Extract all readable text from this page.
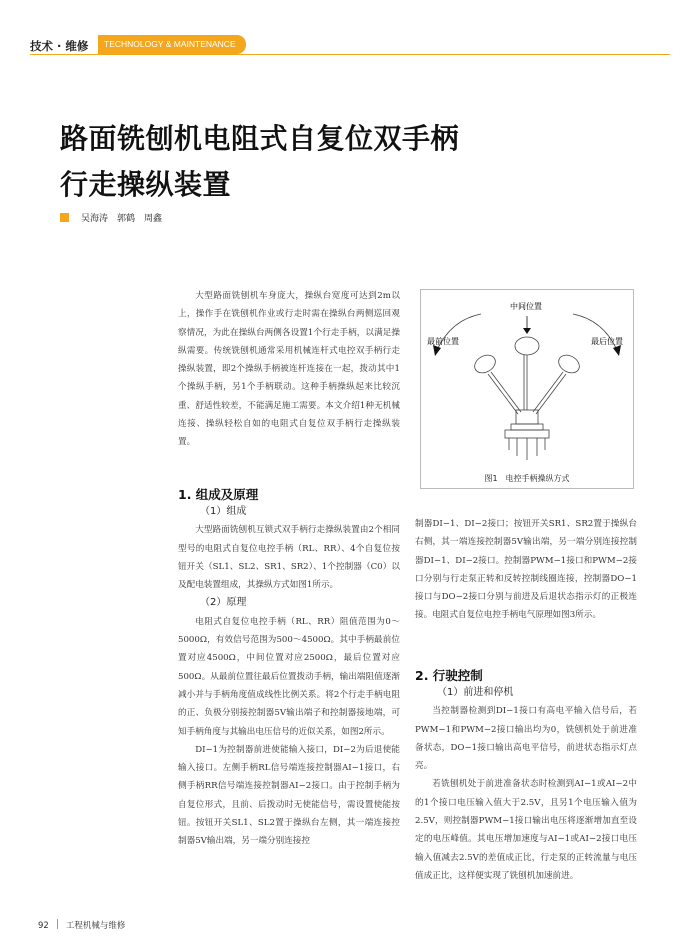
技术 · 维修	TECHNOLOGY & MAINTENANCE
路面铣刨机电阻式自复位双手柄
行走操纵装置
吴海涛　郭鹤　周鑫

大型路面铣刨机车身庞大，操纵台宽度可达到2m以上，操作手在铣刨机作业或行走时需在操纵台两侧巡回观察情况，为此在操纵台两侧各设置1个行走手柄，以满足操纵需要。传统铣刨机通常采用机械连杆式电控双手柄行走操纵装置，即2个操纵手柄被连杆连接在一起，拨动其中1个操纵手柄，另1个手柄联动。这种手柄操纵起来比较沉重、舒适性较差，不能满足施工需要。本文介绍1种无机械连接、操纵轻松自如的电阻式自复位双手柄行走操纵装置。

1. 组成及原理
（1）组成

大型路面铣刨机互锁式双手柄行走操纵装置由2个相同型号的电阻式自复位电控手柄（RL、RR）、4个自复位按钮开关（SL1、SL2、SR1、SR2）、1个控制器（C0）以及配电装置组成，其操纵方式如图1所示。

（2）原理

电阻式自复位电控手柄（RL、RR）阻值范围为0～5000Ω，有效信号范围为500～4500Ω。其中手柄最前位置对应4500Ω，中间位置对应2500Ω，最后位置对应500Ω。从最前位置往最后位置拨动手柄，输出端阻值逐渐减小并与手柄角度值成线性比例关系。将2个行走手柄电阻的正、负极分别接控制器5V输出端子和控制器接地端，可知手柄角度与其输出电压信号的近似关系，如图2所示。

DI−1为控制器前进使能输入接口，DI−2为后退使能输入接口。左侧手柄RL信号端连接控制器AI−1接口，右侧手柄RR信号端连接控制器AI−2接口。由于控制手柄为自复位形式，且前、后拨动时无使能信号，需设置使能按钮。按钮开关SL1、SL2置于操纵台左侧，其一端连接控制器5V输出端，另一端分别连接控

中间位置
最前位置	最后位置
图1　电控手柄操纵方式

制器DI−1、DI−2接口；按钮开关SR1、SR2置于操纵台右侧，其一端连接控制器5V输出端，另一端分别连接控制器DI−1、DI−2接口。控制器PWM−1接口和PWM−2接口分别与行走泵正转和反转控制线圈连接，控制器DO−1接口与DO−2接口分别与前进及后退状态指示灯的正极连接。电阻式自复位电控手柄电气原理如图3所示。

2. 行驶控制
（1）前进和停机

当控制器检测到DI−1接口有高电平输入信号后，若PWM−1和PWM−2接口输出均为0，铣刨机处于前进准备状态，DO−1接口输出高电平信号，前进状态指示灯点亮。

若铣刨机处于前进准备状态时检测到AI−1或AI−2中的1个接口电压输入值大于2.5V，且另1个电压输入值为2.5V，则控制器PWM−1接口输出电压将逐渐增加直至设定的电压峰值。其电压增加速度与AI−1或AI−2接口电压输入值减去2.5V的差值成正比，行走泵的正转流量与电压值成正比，这样便实现了铣刨机加速前进。

92 工程机械与维修
